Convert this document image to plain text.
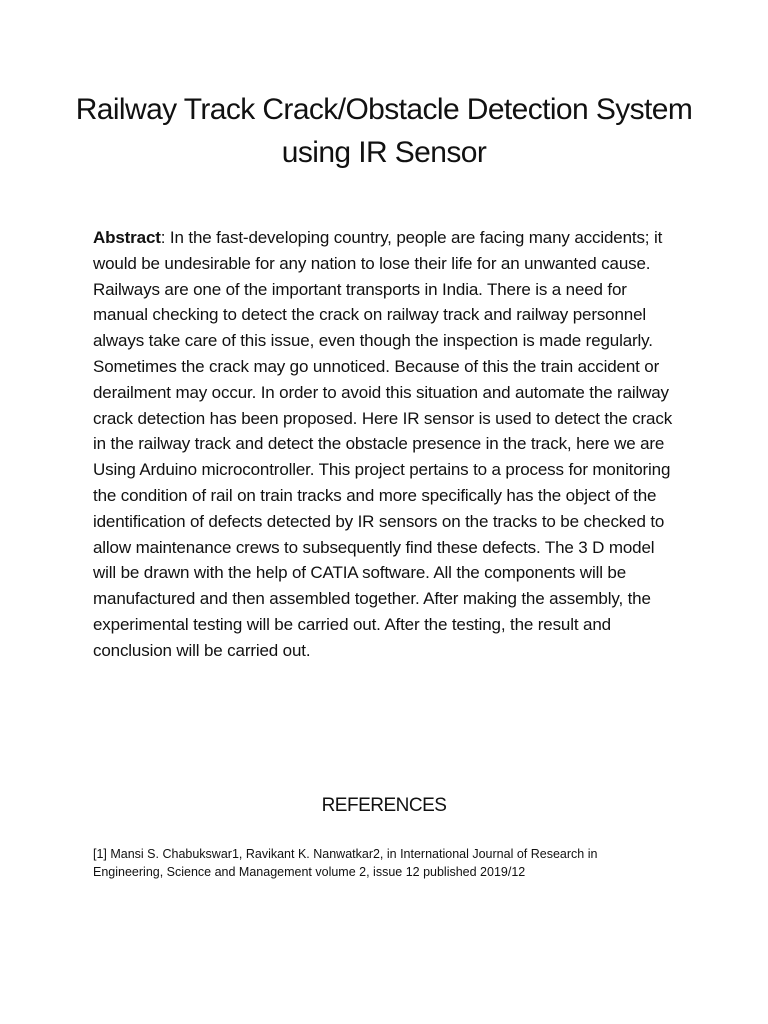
Railway Track Crack/Obstacle Detection System using IR Sensor

Abstract: In the fast-developing country, people are facing many accidents; it would be undesirable for any nation to lose their life for an unwanted cause. Railways are one of the important transports in India. There is a need for manual checking to detect the crack on railway track and railway personnel always take care of this issue, even though the inspection is made regularly. Sometimes the crack may go unnoticed. Because of this the train accident or derailment may occur. In order to avoid this situation and automate the railway crack detection has been proposed. Here IR sensor is used to detect the crack in the railway track and detect the obstacle presence in the track, here we are Using Arduino microcontroller. This project pertains to a process for monitoring the condition of rail on train tracks and more specifically has the object of the identification of defects detected by IR sensors on the tracks to be checked to allow maintenance crews to subsequently find these defects. The 3 D model will be drawn with the help of CATIA software. All the components will be manufactured and then assembled together. After making the assembly, the experimental testing will be carried out. After the testing, the result and conclusion will be carried out.

REFERENCES

[1] Mansi S. Chabukswar1, Ravikant K. Nanwatkar2, in International Journal of Research in Engineering, Science and Management volume 2, issue 12 published 2019/12
